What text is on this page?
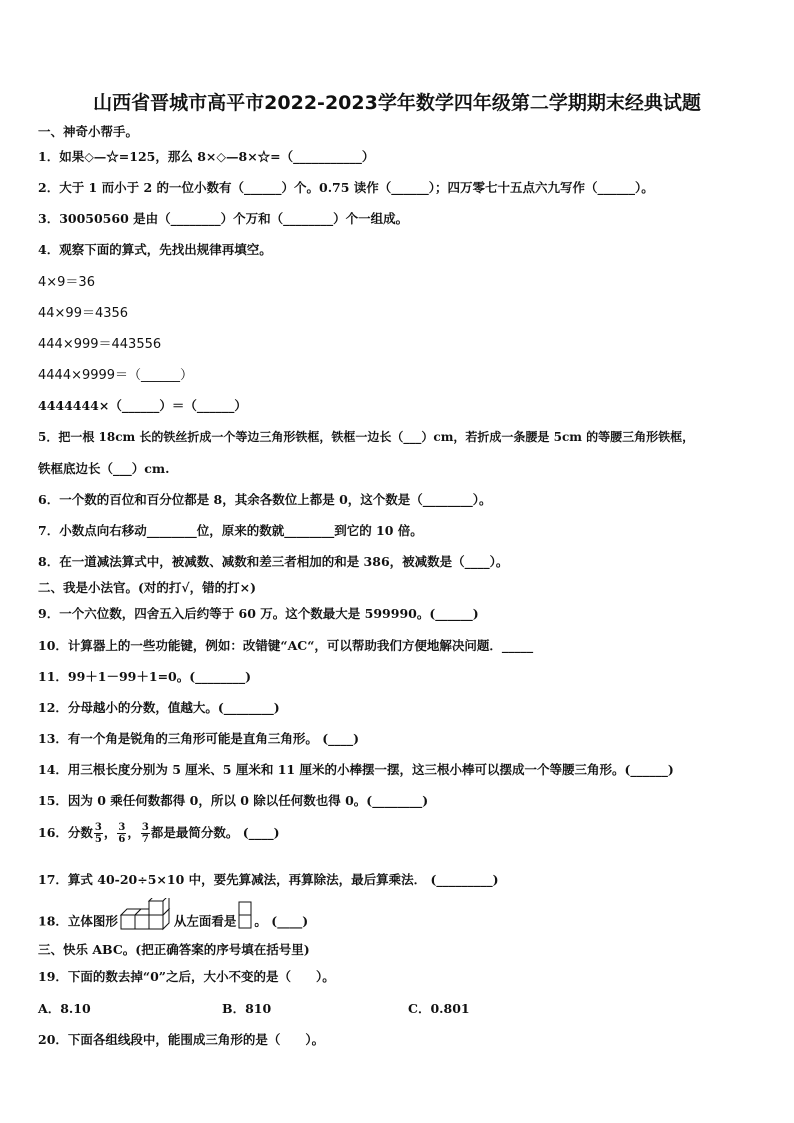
山西省晋城市高平市2022-2023学年数学四年级第二学期期末经典试题
一、神奇小帮手。
1．如果◇—☆=125，那么 8×◇—8×☆=（___________）
2．大于 1 而小于 2 的一位小数有（______）个。0.75 读作（______）；四万零七十五点六九写作（______）。
3．30050560 是由（________）个万和（________）个一组成。
4．观察下面的算式，先找出规律再填空。
4×9＝36
44×99＝4356
444×999＝443556
4444×9999＝（______）
4444444×（______）＝（______）
5．把一根 18cm 长的铁丝折成一个等边三角形铁框，铁框一边长（___）cm，若折成一条腰是 5cm 的等腰三角形铁框，
铁框底边长（___）cm.
6．一个数的百位和百分位都是 8，其余各数位上都是 0，这个数是（________）。
7．小数点向右移动________位，原来的数就________到它的 10 倍。
8．在一道减法算式中，被减数、减数和差三者相加的和是 386，被减数是（____）。
二、我是小法官。(对的打√，错的打×)
9．一个六位数，四舍五入后约等于 60 万。这个数最大是 599990。(______)
10．计算器上的一些功能键，例如：改错键“AC“，可以帮助我们方便地解决问题．_____
11．99＋1－99＋1=0。(________)
12．分母越小的分数，值越大。(________)
13．有一个角是锐角的三角形可能是直角三角形。 (____)
14．用三根长度分别为 5 厘米、5 厘米和 11 厘米的小棒摆一摆，这三根小棒可以摆成一个等腰三角形。(______)
15．因为 0 乘任何数都得 0，所以 0 除以任何数也得 0。(________)
16．分数 $\frac{3}{5}$ ， $\frac{3}{6}$ ， $\frac{3}{7}$ 都是最简分数。 (____)
17．算式 40-20÷5×10 中，要先算减法，再算除法，最后算乘法． (_________)
18．立体图形	从左面看是 。 (____)
三、快乐 ABC。(把正确答案的序号填在括号里)
19．下面的数去掉“0”之后，大小不变的是（　　）。
A．8.10	B．810	C．0.801
20．下面各组线段中，能围成三角形的是（　　）。
